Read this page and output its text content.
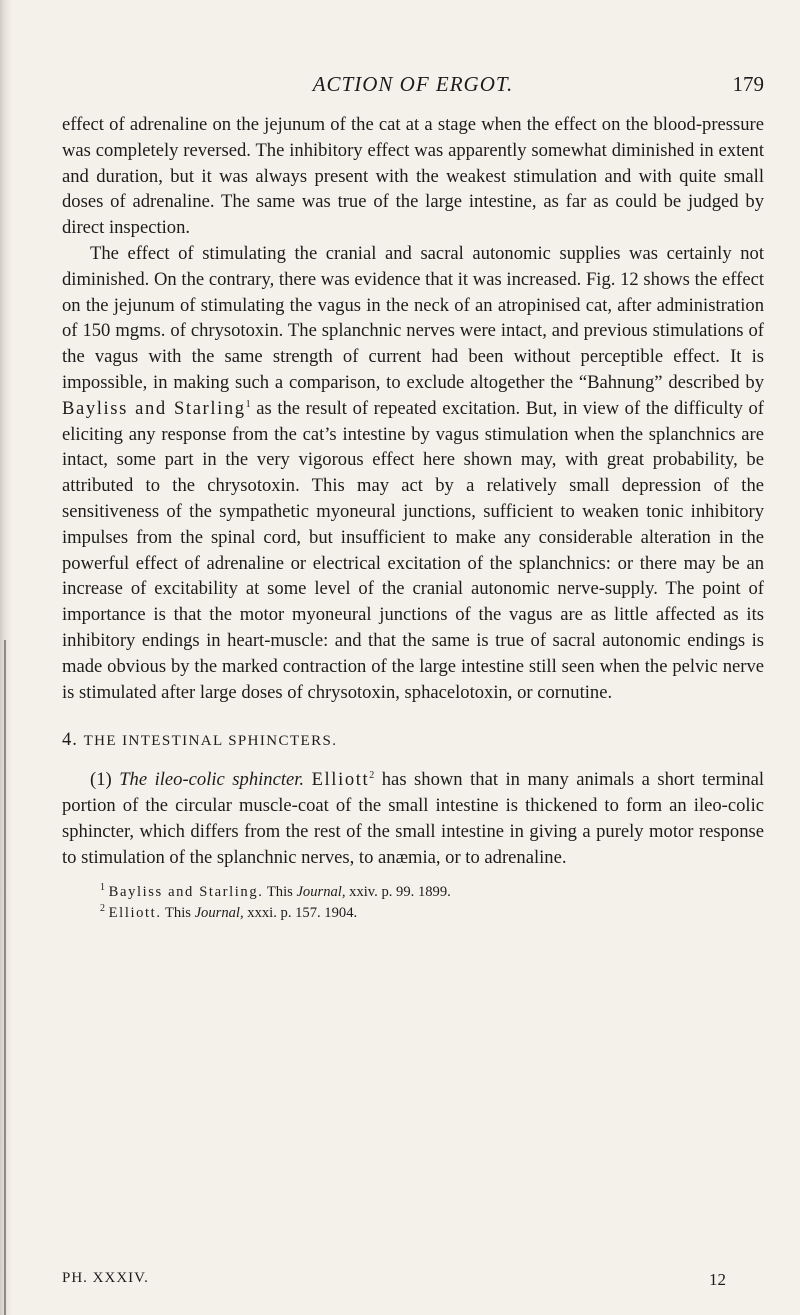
ACTION OF ERGOT.	179

effect of adrenaline on the jejunum of the cat at a stage when the effect on the blood-pressure was completely reversed. The inhibitory effect was apparently somewhat diminished in extent and duration, but it was always present with the weakest stimulation and with quite small doses of adrenaline. The same was true of the large intestine, as far as could be judged by direct inspection.

The effect of stimulating the cranial and sacral autonomic supplies was certainly not diminished. On the contrary, there was evidence that it was increased. Fig. 12 shows the effect on the jejunum of stimulating the vagus in the neck of an atropinised cat, after administration of 150 mgms. of chrysotoxin. The splanchnic nerves were intact, and previous stimulations of the vagus with the same strength of current had been without perceptible effect. It is impossible, in making such a comparison, to exclude altogether the “Bahnung” described by Bayliss and Starling$^1$ as the result of repeated excitation. But, in view of the difficulty of eliciting any response from the cat’s intestine by vagus stimulation when the splanchnics are intact, some part in the very vigorous effect here shown may, with great probability, be attributed to the chrysotoxin. This may act by a relatively small depression of the sensitiveness of the sympathetic myoneural junctions, sufficient to weaken tonic inhibitory impulses from the spinal cord, but insufficient to make any considerable alteration in the powerful effect of adrenaline or electrical excitation of the splanchnics: or there may be an increase of excitability at some level of the cranial autonomic nerve-supply. The point of importance is that the motor myoneural junctions of the vagus are as little affected as its inhibitory endings in heart-muscle: and that the same is true of sacral autonomic endings is made obvious by the marked contraction of the large intestine still seen when the pelvic nerve is stimulated after large doses of chrysotoxin, sphacelotoxin, or cornutine.

4. THE INTESTINAL SPHINCTERS.

(1) The ileo-colic sphincter. Elliott$^2$ has shown that in many animals a short terminal portion of the circular muscle-coat of the small intestine is thickened to form an ileo-colic sphincter, which differs from the rest of the small intestine in giving a purely motor response to stimulation of the splanchnic nerves, to anæmia, or to adrenaline.

$^1$ Bayliss and Starling. This Journal, xxiv. p. 99. 1899.
$^2$ Elliott. This Journal, xxxi. p. 157. 1904.
PH. XXXIV.	12
